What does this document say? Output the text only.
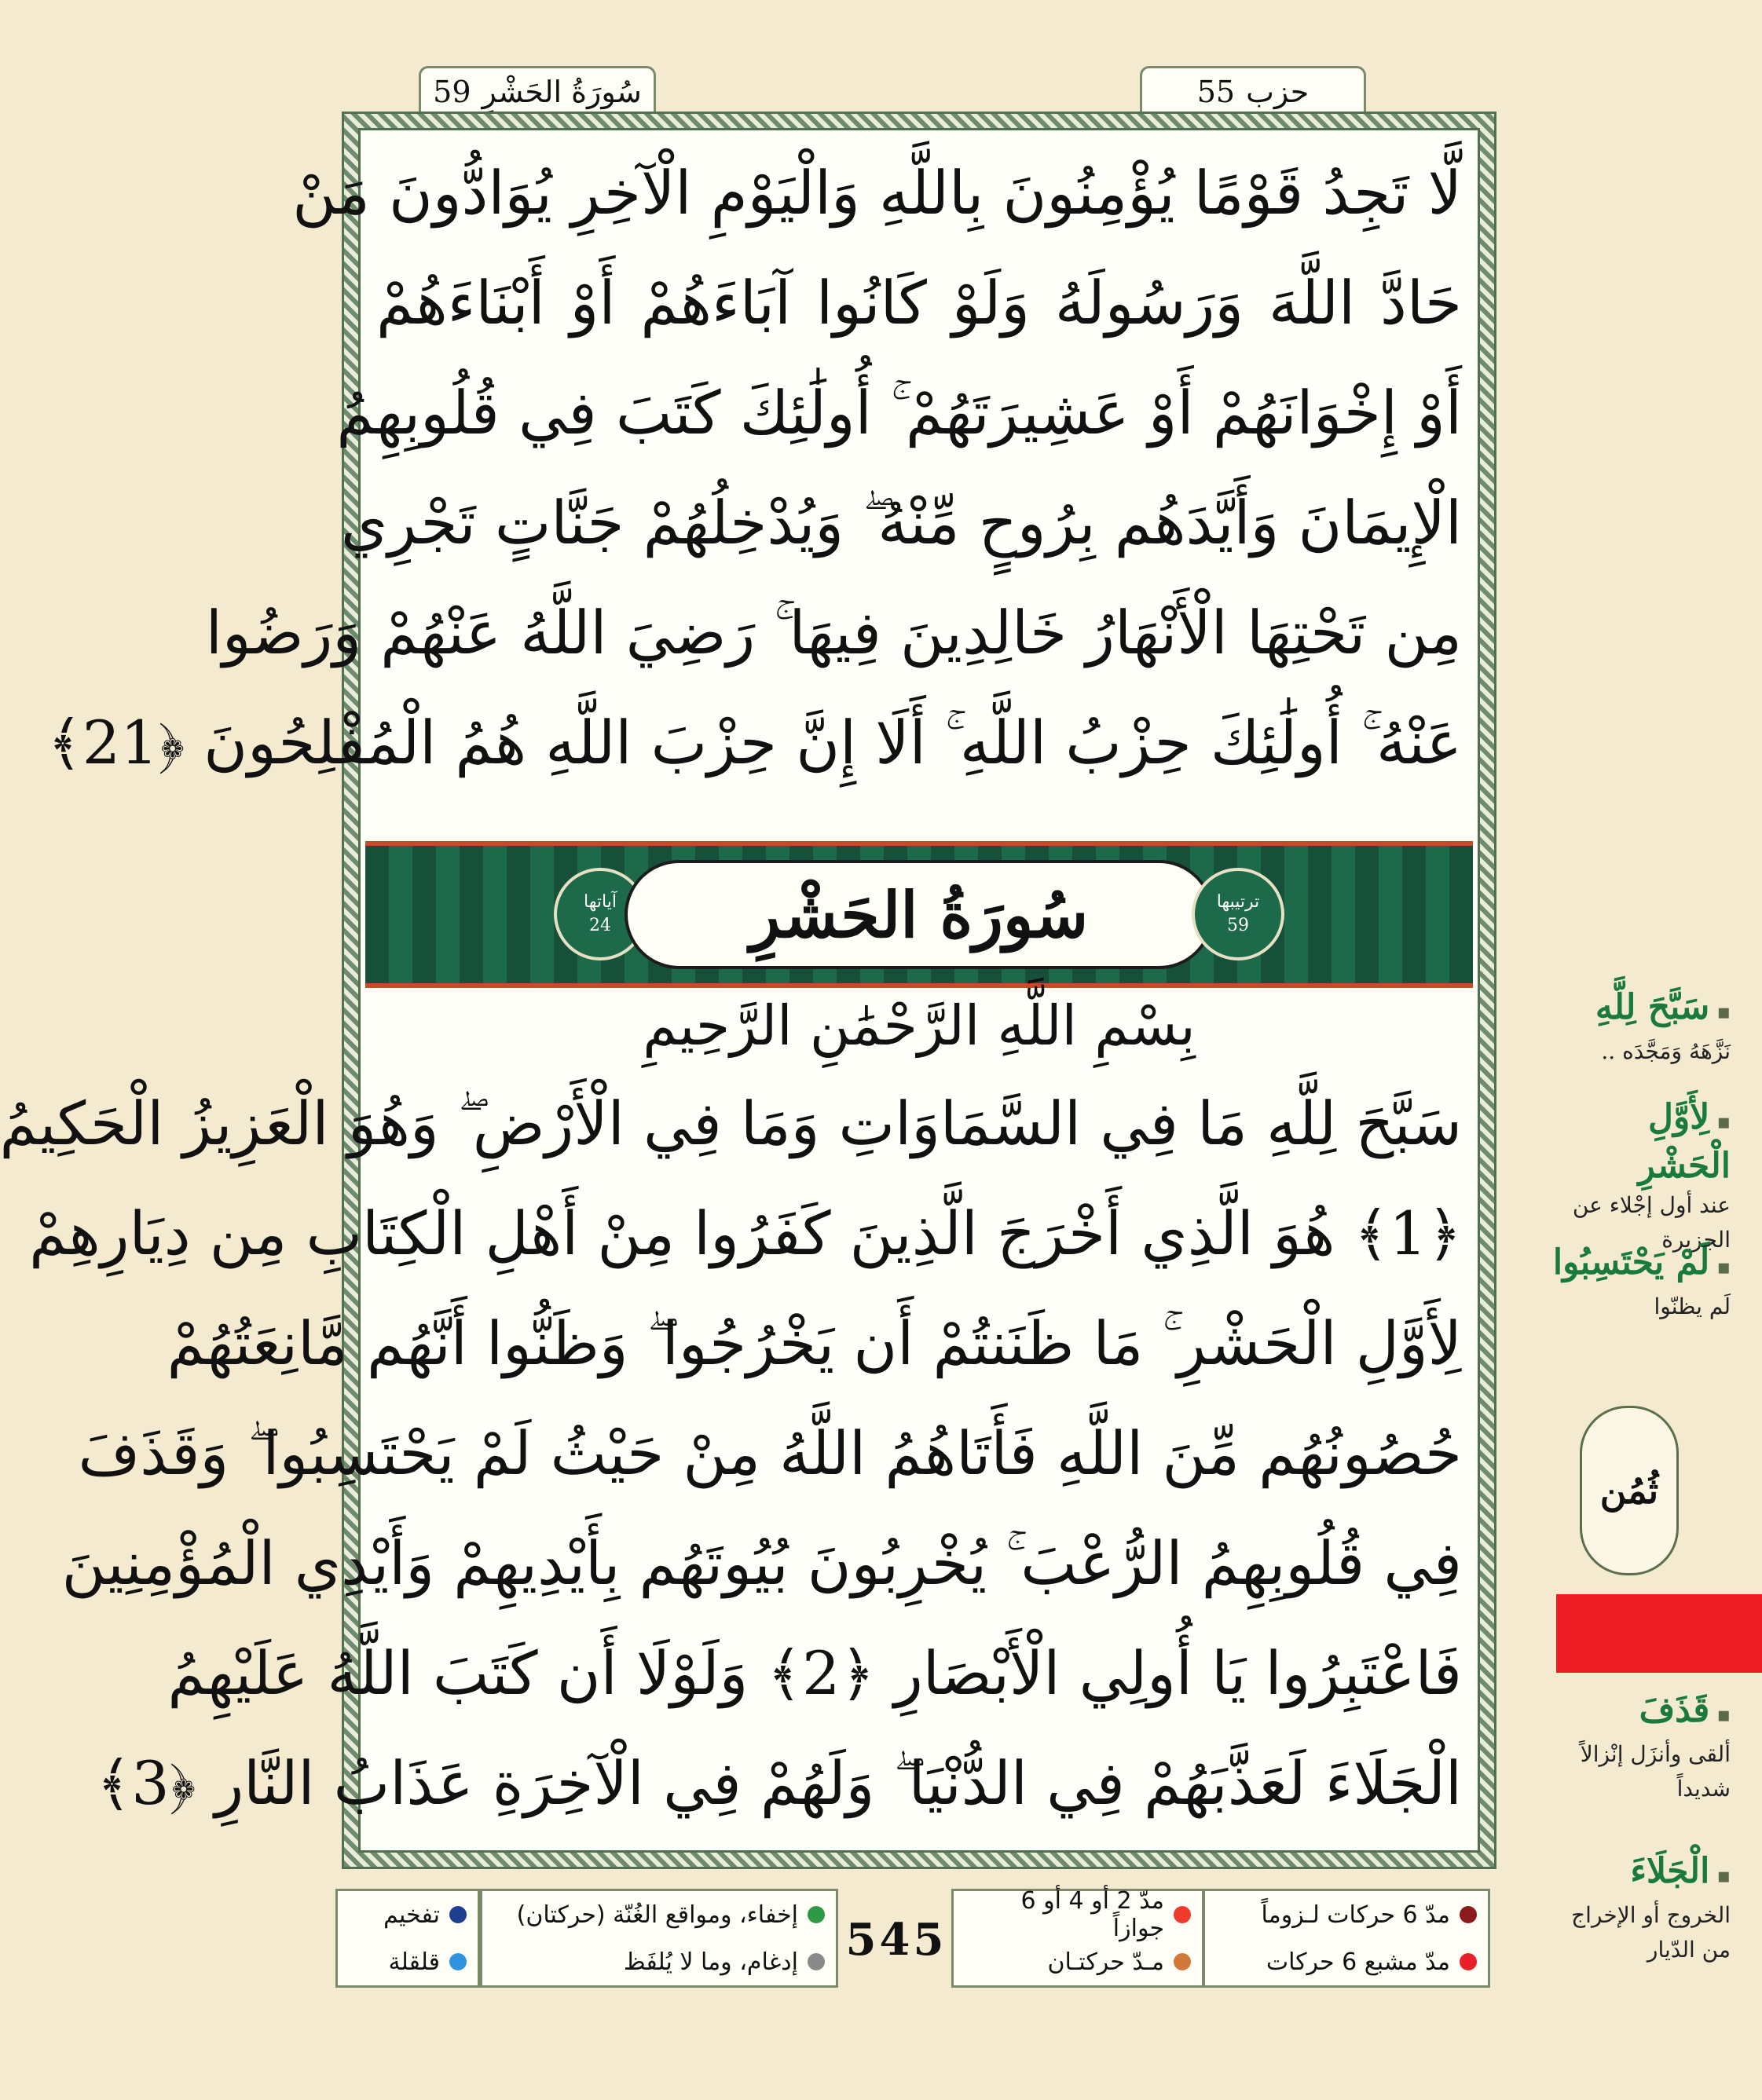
سُورَةُ الحَشْرِ
59	حزب
55
لَّا تَجِدُ قَوْمًا يُؤْمِنُونَ بِاللَّهِ وَالْيَوْمِ الْآخِرِ يُوَادُّونَ مَنْ
حَادَّ اللَّهَ وَرَسُولَهُ وَلَوْ كَانُوا آبَاءَهُمْ أَوْ أَبْنَاءَهُمْ
أَوْ إِخْوَانَهُمْ أَوْ عَشِيرَتَهُمْ ۚ أُولَٰئِكَ كَتَبَ فِي قُلُوبِهِمُ
الْإِيمَانَ وَأَيَّدَهُم بِرُوحٍ مِّنْهُ ۖ وَيُدْخِلُهُمْ جَنَّاتٍ تَجْرِي
مِن تَحْتِهَا الْأَنْهَارُ خَالِدِينَ فِيهَا ۚ رَضِيَ اللَّهُ عَنْهُمْ وَرَضُوا
عَنْهُ ۚ أُولَٰئِكَ حِزْبُ اللَّهِ ۚ أَلَا إِنَّ حِزْبَ اللَّهِ هُمُ الْمُفْلِحُونَ ﴿21﴾
آياتها
24	سُورَةُ الحَشْرِ	ترتيبها
59
بِسْمِ اللَّهِ الرَّحْمَٰنِ الرَّحِيمِ
سَبَّحَ لِلَّهِ مَا فِي السَّمَاوَاتِ وَمَا فِي الْأَرْضِ ۖ وَهُوَ الْعَزِيزُ الْحَكِيمُ
﴿1﴾ هُوَ الَّذِي أَخْرَجَ الَّذِينَ كَفَرُوا مِنْ أَهْلِ الْكِتَابِ مِن دِيَارِهِمْ
لِأَوَّلِ الْحَشْرِ ۚ مَا ظَنَنتُمْ أَن يَخْرُجُوا ۖ وَظَنُّوا أَنَّهُم مَّانِعَتُهُمْ
حُصُونُهُم مِّنَ اللَّهِ فَأَتَاهُمُ اللَّهُ مِنْ حَيْثُ لَمْ يَحْتَسِبُوا ۖ وَقَذَفَ
فِي قُلُوبِهِمُ الرُّعْبَ ۚ يُخْرِبُونَ بُيُوتَهُم بِأَيْدِيهِمْ وَأَيْدِي الْمُؤْمِنِينَ
فَاعْتَبِرُوا يَا أُولِي الْأَبْصَارِ ﴿2﴾ وَلَوْلَا أَن كَتَبَ اللَّهُ عَلَيْهِمُ
الْجَلَاءَ لَعَذَّبَهُمْ فِي الدُّنْيَا ۖ وَلَهُمْ فِي الْآخِرَةِ عَذَابُ النَّارِ ﴿3﴾
▪ سَبَّحَ لِلَّهِ
نَزَّهَهُ وَمَجَّدَه ..
▪ لِأَوَّلِ الْحَشْرِ
عند أول إجْلاء عن الجزيرة
▪ لَمْ يَحْتَسِبُوا
لَم يظنّوا
ثُمُن
▪ قَذَفَ
ألقى وأنزَل إنْزالاً شديداً
▪ الْجَلَاءَ
الخروج أو الإخراج من الدّيار
مدّ 6 حركات لـزوماً
مدّ مشبع 6 حركات
مدّ 2 أو 4 أو 6 جوازاً
مـدّ حركتـان
إخفاء، ومواقع الغُنّة (حركتان)
إدغام، وما لا يُلفَظ
تفخيم
قلقلة	545
